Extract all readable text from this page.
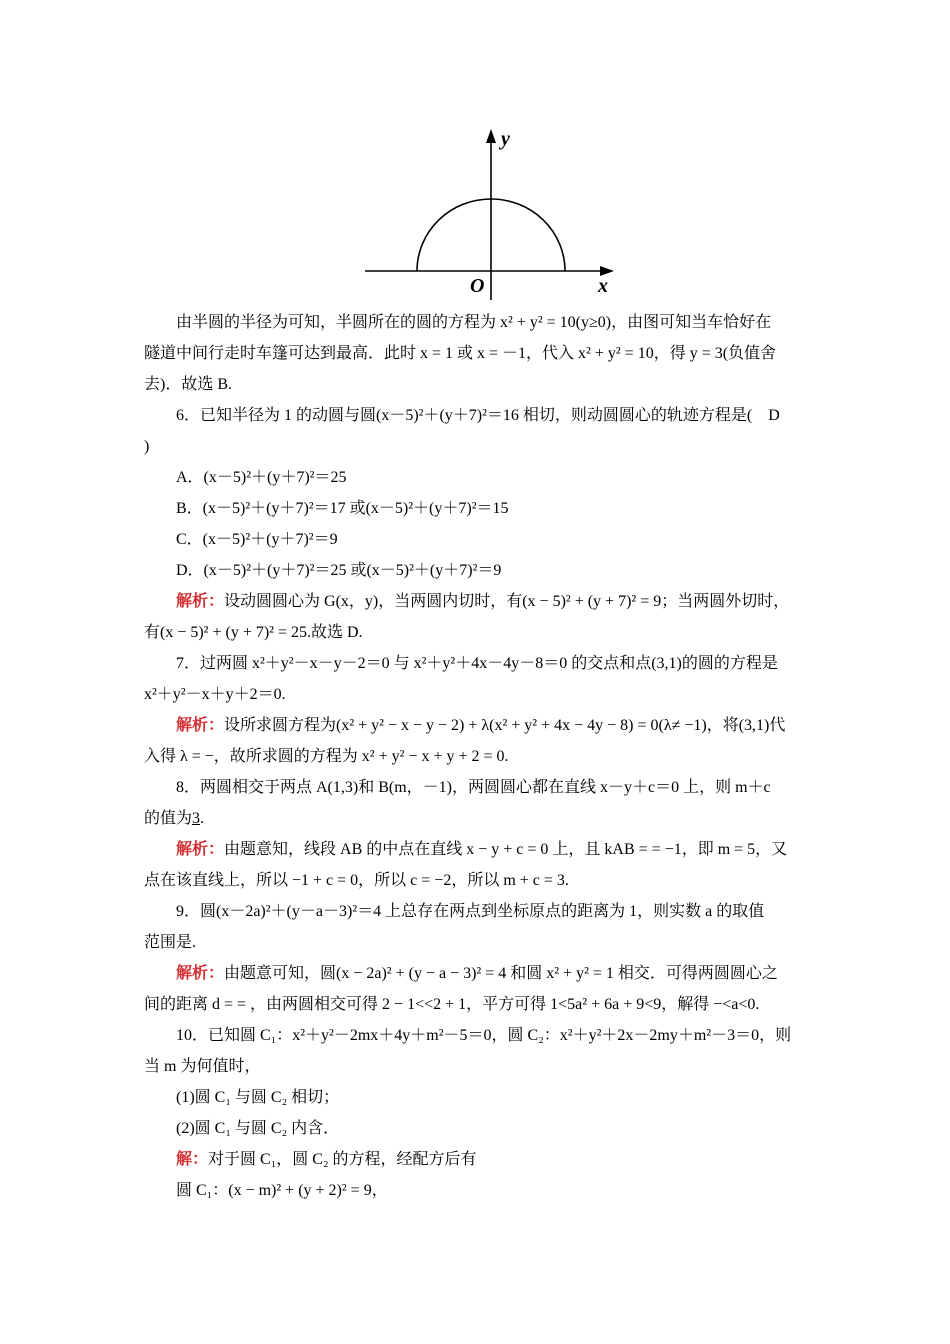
y
x
O
由半圆的半径为可知，半圆所在的圆的方程为 x² + y² = 10(y≥0)，由图可知当车恰好在
隧道中间行走时车篷可达到最高．此时 x = 1 或 x = －1，代入 x² + y² = 10，得 y = 3(负值舍
去)．故选 B.
6．已知半径为 1 的动圆与圆(x－5)²＋(y＋7)²＝16 相切，则动圆圆心的轨迹方程是(　D
)
A．(x－5)²＋(y＋7)²＝25
B．(x－5)²＋(y＋7)²＝17 或(x－5)²＋(y＋7)²＝15
C．(x－5)²＋(y＋7)²＝9
D．(x－5)²＋(y＋7)²＝25 或(x－5)²＋(y＋7)²＝9
解析：设动圆圆心为 G(x，y)，当两圆内切时，有(x − 5)² + (y + 7)² = 9；当两圆外切时，
有(x − 5)² + (y + 7)² = 25.故选 D.
7．过两圆 x²＋y²－x－y－2＝0 与 x²＋y²＋4x－4y－8＝0 的交点和点(3,1)的圆的方程是
x²＋y²－x＋y＋2＝0.
解析：设所求圆方程为(x² + y² − x − y − 2) + λ(x² + y² + 4x − 4y − 8) = 0(λ≠ −1)，将(3,1)代
入得 λ = −，故所求圆的方程为 x² + y² − x + y + 2 = 0.
8．两圆相交于两点 A(1,3)和 B(m，－1)，两圆圆心都在直线 x－y＋c＝0 上，则 m＋c
的值为3.
解析：由题意知，线段 AB 的中点在直线 x − y + c = 0 上，且 kAB = = −1，即 m = 5，又
点在该直线上，所以 −1 + c = 0，所以 c = −2，所以 m + c = 3.
9．圆(x－2a)²＋(y－a－3)²＝4 上总存在两点到坐标原点的距离为 1，则实数 a 的取值
范围是.
解析：由题意可知，圆(x − 2a)² + (y − a − 3)² = 4 和圆 x² + y² = 1 相交．可得两圆圆心之
间的距离 d = = ，由两圆相交可得 2 − 1<<2 + 1，平方可得 1<5a² + 6a + 9<9，解得 −<a<0.
10．已知圆 C₁：x²＋y²－2mx＋4y＋m²－5＝0，圆 C₂：x²＋y²＋2x－2my＋m²－3＝0，则
当 m 为何值时，
(1)圆 C₁ 与圆 C₂ 相切；
(2)圆 C₁ 与圆 C₂ 内含．
解：对于圆 C₁，圆 C₂ 的方程，经配方后有
圆 C₁：(x − m)² + (y + 2)² = 9，
